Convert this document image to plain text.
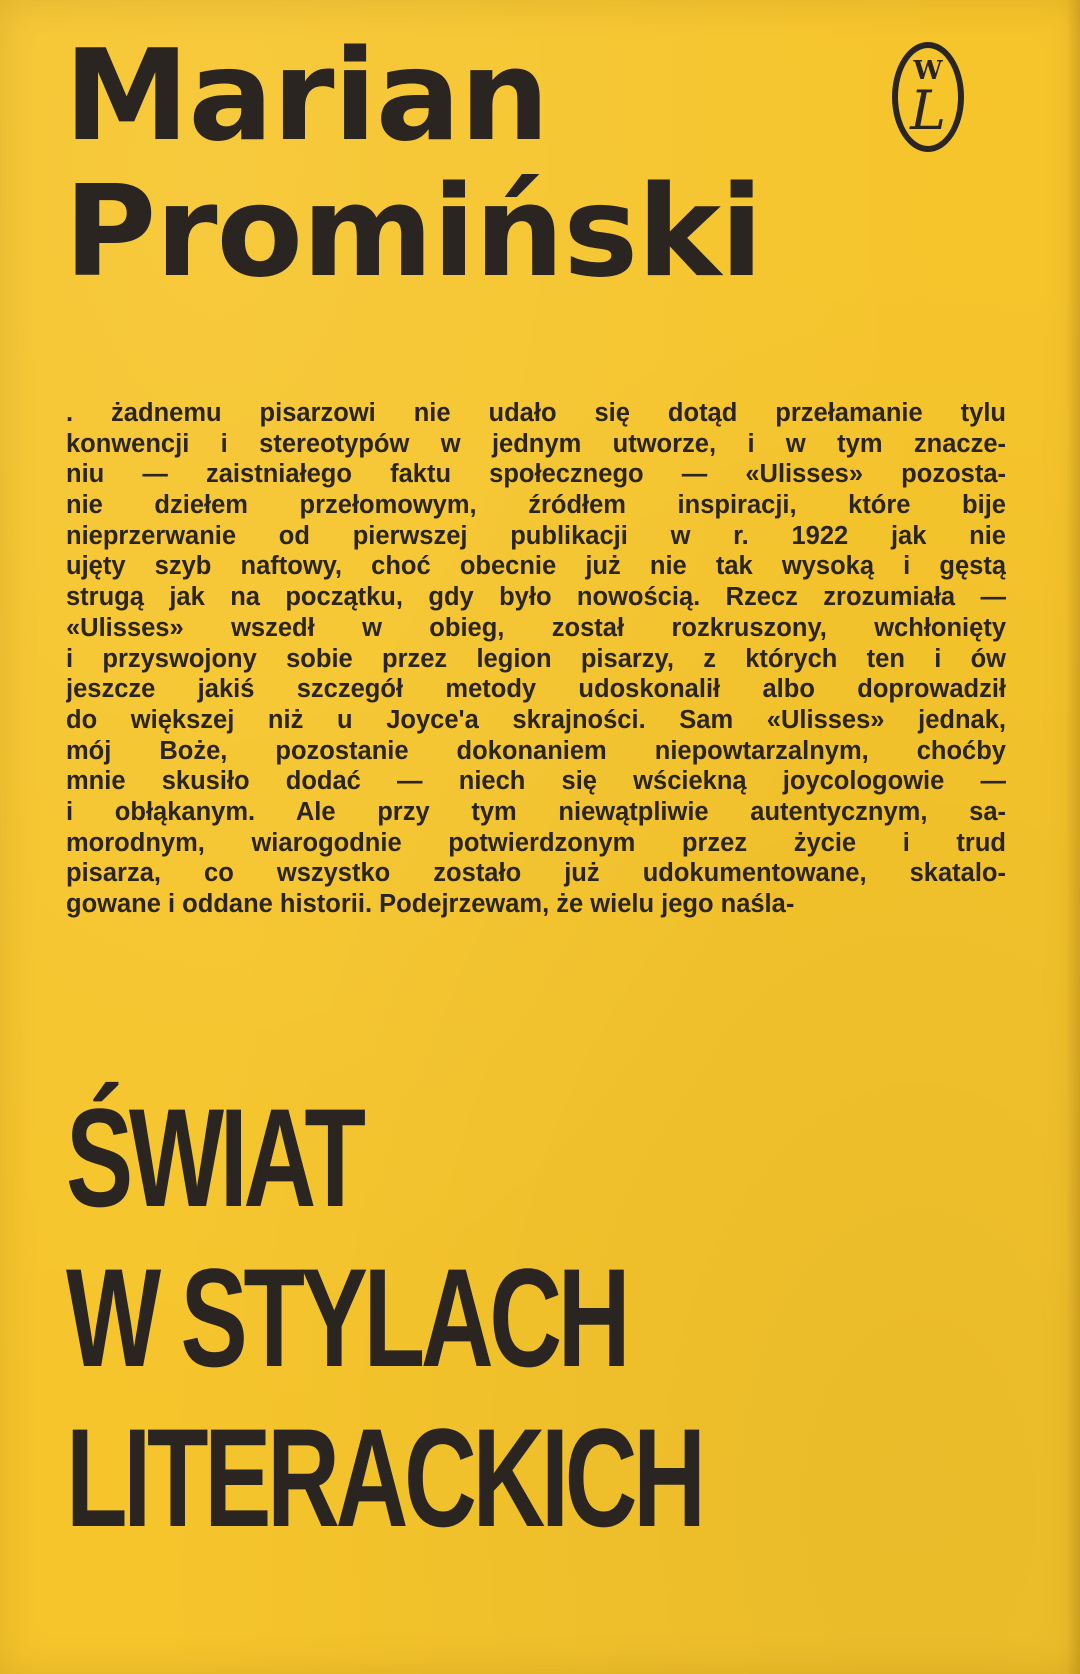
Marian
Promiński
W
L
. żadnemu pisarzowi nie udało się dotąd przełamanie tylu
konwencji i stereotypów w jednym utworze, i w tym znacze-
niu — zaistniałego faktu społecznego — «Ulisses» pozosta-
nie dziełem przełomowym, źródłem inspiracji, które bije
nieprzerwanie od pierwszej publikacji w r. 1922 jak nie
ujęty szyb naftowy, choć obecnie już nie tak wysoką i gęstą
strugą jak na początku, gdy było nowością. Rzecz zrozumiała —
«Ulisses» wszedł w obieg, został rozkruszony, wchłonięty
i przyswojony sobie przez legion pisarzy, z których ten i ów
jeszcze jakiś szczegół metody udoskonalił albo doprowadził
do większej niż u Joyce'a skrajności. Sam «Ulisses» jednak,
mój Boże, pozostanie dokonaniem niepowtarzalnym, choćby
mnie skusiło dodać — niech się wściekną joycologowie —
i obłąkanym. Ale przy tym niewątpliwie autentycznym, sa-
morodnym, wiarogodnie potwierdzonym przez życie i trud
pisarza, co wszystko zostało już udokumentowane, skatalo-
gowane i oddane historii. Podejrzewam, że wielu jego naśla-
ŚWIAT
W STYLACH
LITERACKICH
